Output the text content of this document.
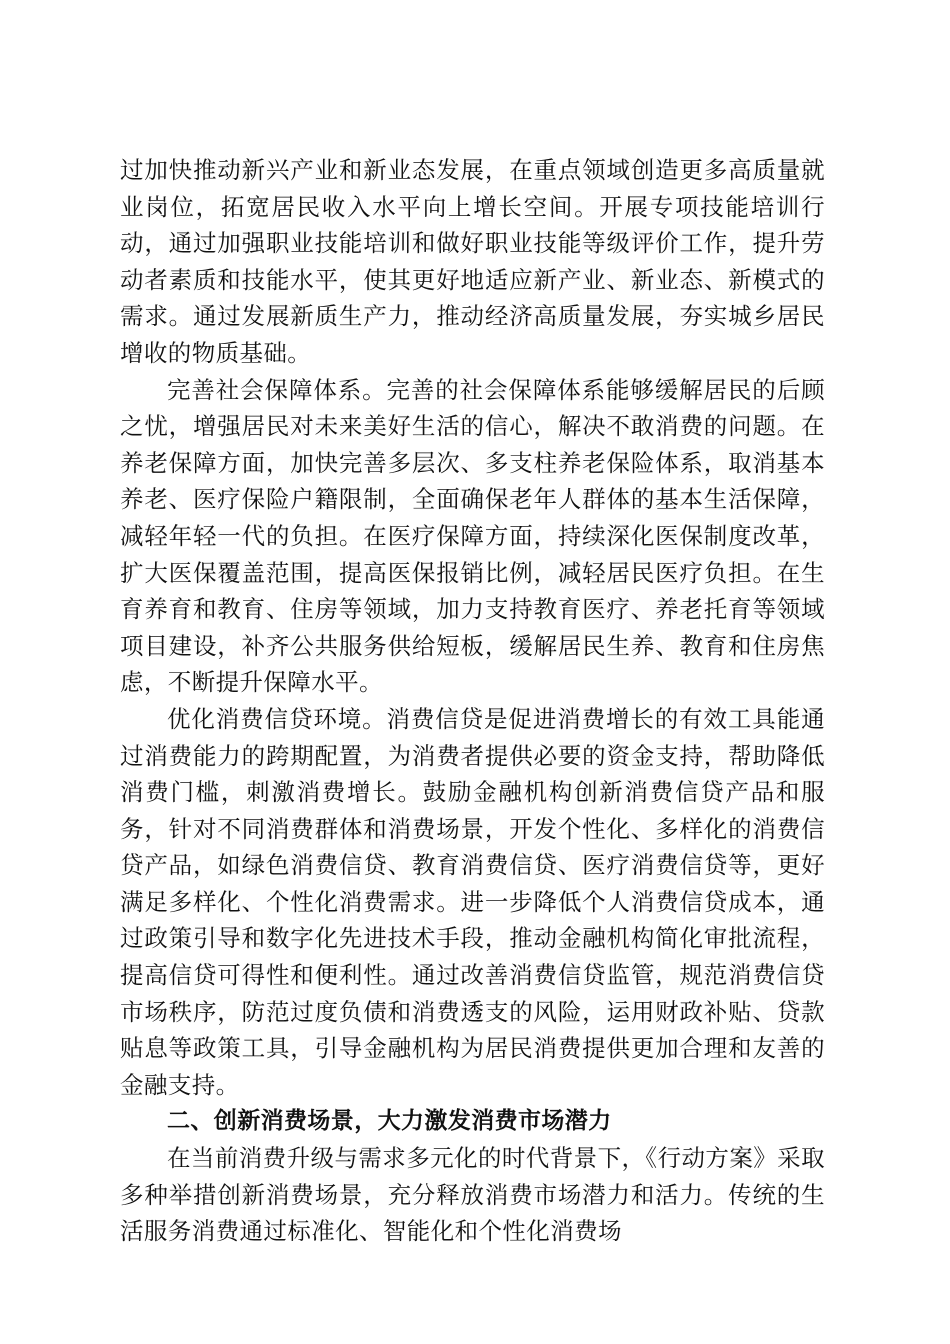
过加快推动新兴产业和新业态发展，在重点领域创造更多高质量就业岗位，拓宽居民收入水平向上增长空间。开展专项技能培训行动，通过加强职业技能培训和做好职业技能等级评价工作，提升劳动者素质和技能水平，使其更好地适应新产业、新业态、新模式的需求。通过发展新质生产力，推动经济高质量发展，夯实城乡居民增收的物质基础。

完善社会保障体系。完善的社会保障体系能够缓解居民的后顾之忧，增强居民对未来美好生活的信心，解决不敢消费的问题。在养老保障方面，加快完善多层次、多支柱养老保险体系，取消基本养老、医疗保险户籍限制，全面确保老年人群体的基本生活保障，减轻年轻一代的负担。在医疗保障方面，持续深化医保制度改革，扩大医保覆盖范围，提高医保报销比例，减轻居民医疗负担。在生育养育和教育、住房等领域，加力支持教育医疗、养老托育等领域项目建设，补齐公共服务供给短板，缓解居民生养、教育和住房焦虑，不断提升保障水平。

优化消费信贷环境。消费信贷是促进消费增长的有效工具能通过消费能力的跨期配置，为消费者提供必要的资金支持，帮助降低消费门槛，刺激消费增长。鼓励金融机构创新消费信贷产品和服务，针对不同消费群体和消费场景，开发个性化、多样化的消费信贷产品，如绿色消费信贷、教育消费信贷、医疗消费信贷等，更好满足多样化、个性化消费需求。进一步降低个人消费信贷成本，通过政策引导和数字化先进技术手段，推动金融机构简化审批流程，提高信贷可得性和便利性。通过改善消费信贷监管，规范消费信贷市场秩序，防范过度负债和消费透支的风险，运用财政补贴、贷款贴息等政策工具，引导金融机构为居民消费提供更加合理和友善的金融支持。

二、创新消费场景，大力激发消费市场潜力

在当前消费升级与需求多元化的时代背景下，《行动方案》采取多种举措创新消费场景，充分释放消费市场潜力和活力。传统的生活服务消费通过标准化、智能化和个性化消费场
